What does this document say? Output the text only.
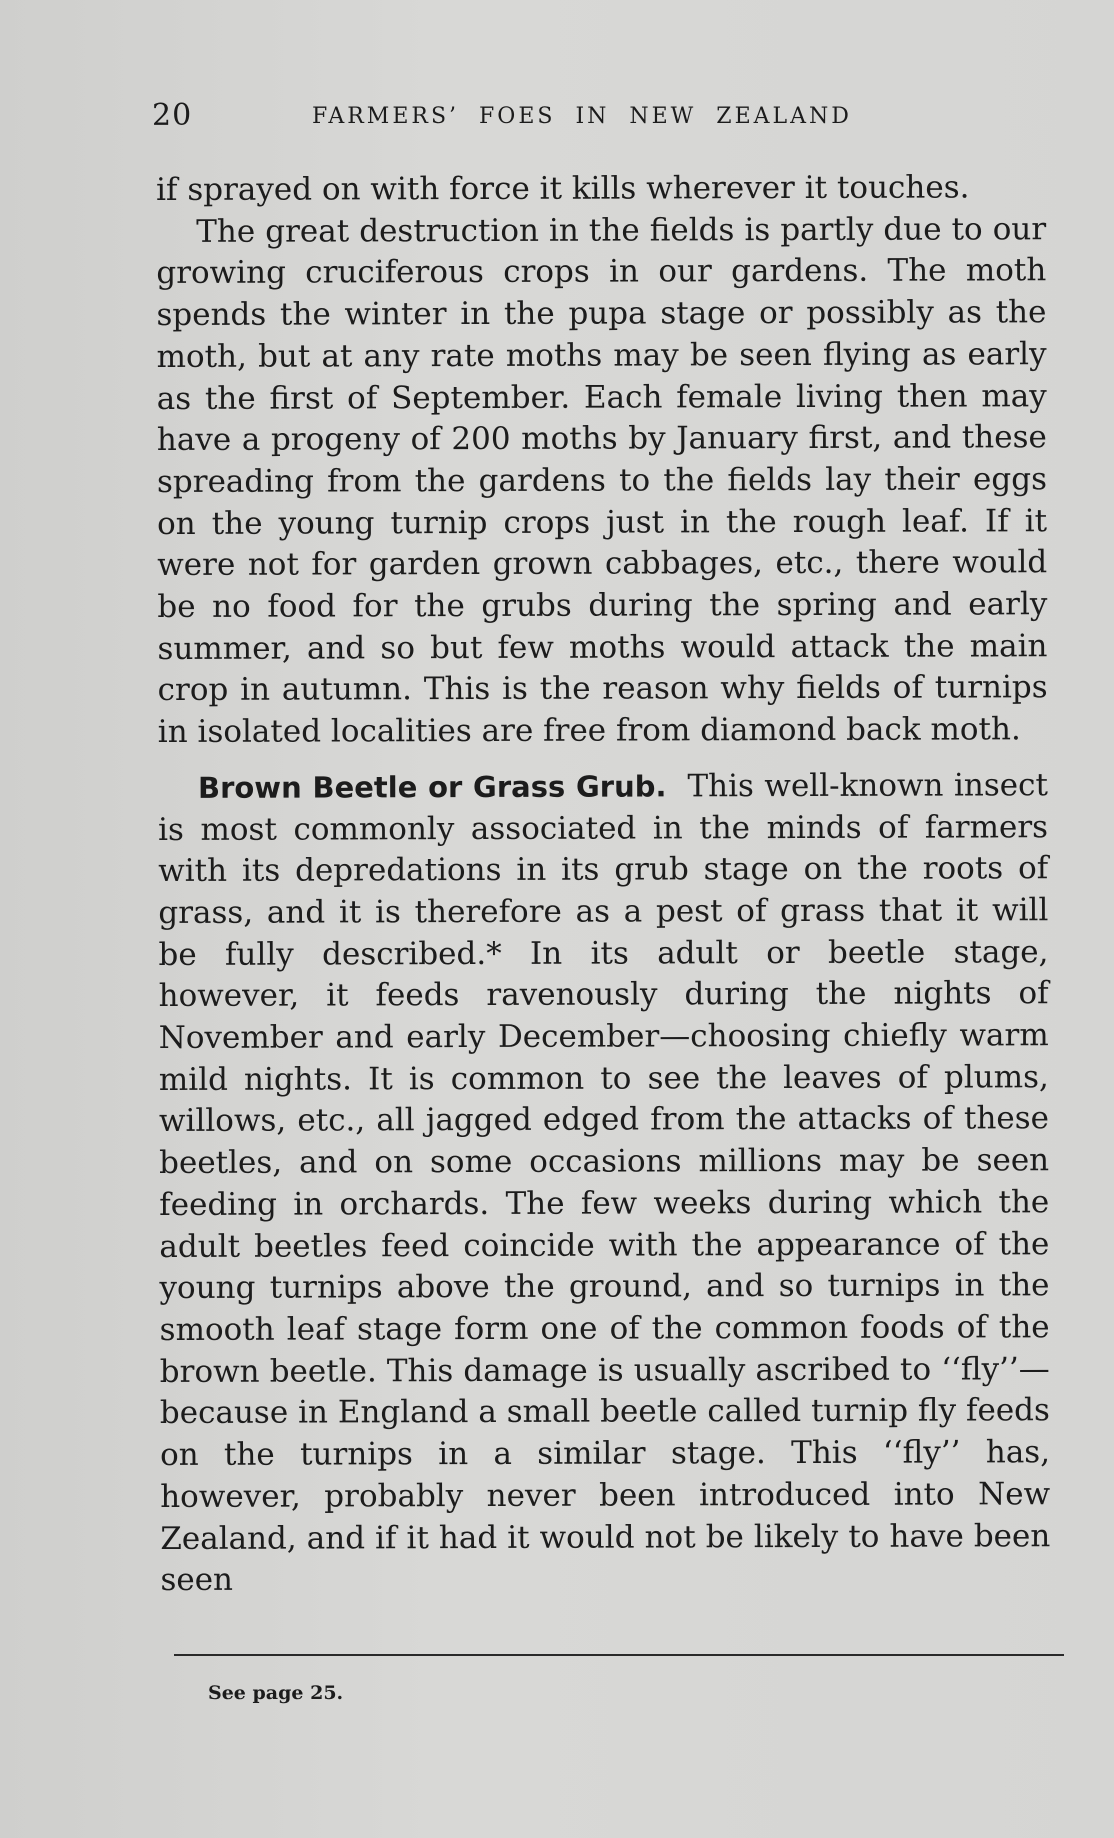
20	FARMERS’ FOES IN NEW ZEALAND

if sprayed on with force it kills wherever it touches.

The great destruction in the fields is partly due to our growing cruciferous crops in our gardens. The moth spends the winter in the pupa stage or possibly as the moth, but at any rate moths may be seen flying as early as the first of September. Each female living then may have a progeny of 200 moths by January first, and these spreading from the gardens to the fields lay their eggs on the young turnip crops just in the rough leaf. If it were not for garden grown cabbages, etc., there would be no food for the grubs during the spring and early summer, and so but few moths would attack the main crop in autumn. This is the reason why fields of turnips in isolated localities are free from diamond back moth.

Brown Beetle or Grass Grub. This well-known insect is most commonly associated in the minds of farmers with its depredations in its grub stage on the roots of grass, and it is therefore as a pest of grass that it will be fully described.* In its adult or beetle stage, however, it feeds ravenously during the nights of November and early December—choosing chiefly warm mild nights. It is common to see the leaves of plums, willows, etc., all jagged edged from the attacks of these beetles, and on some occasions millions may be seen feeding in orchards. The few weeks during which the adult beetles feed coincide with the appearance of the young turnips above the ground, and so turnips in the smooth leaf stage form one of the common foods of the brown beetle. This damage is usually ascribed to ‘‘fly’’—because in England a small beetle called turnip fly feeds on the turnips in a similar stage. This ‘‘fly’’ has, however, probably never been introduced into New Zealand, and if it had it would not be likely to have been seen

See page 25.
